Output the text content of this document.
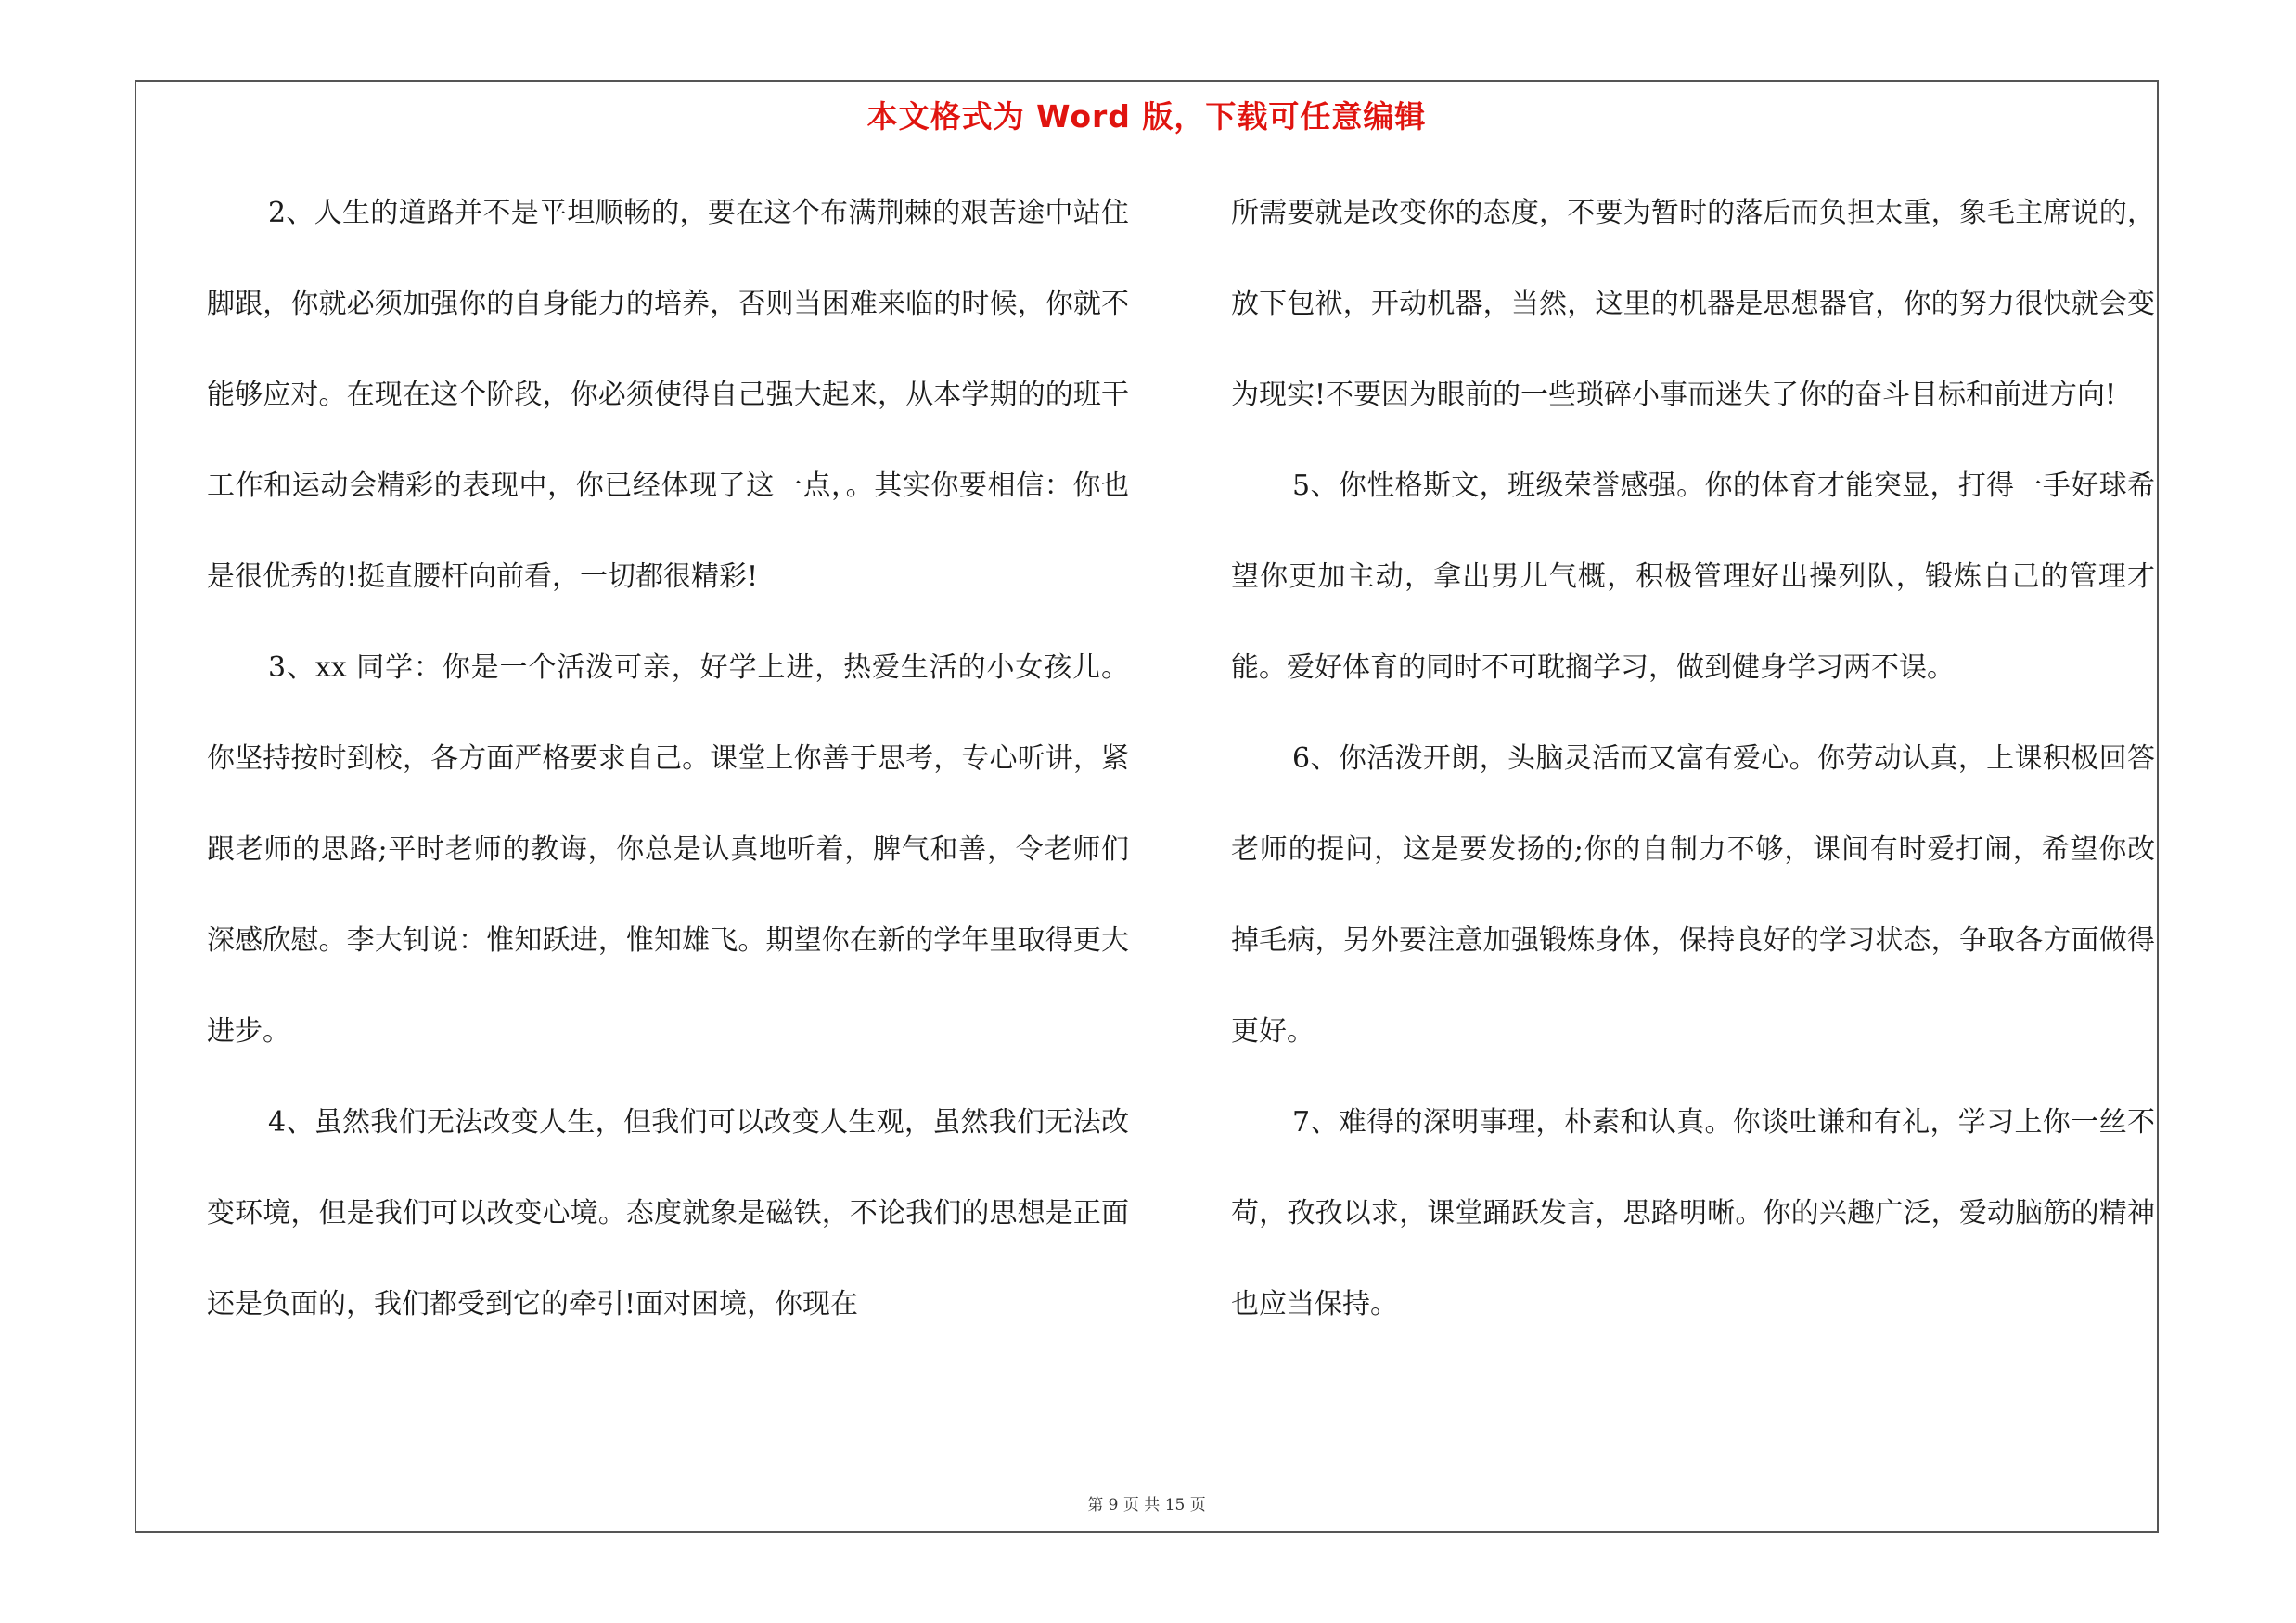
本文格式为 Word 版，下载可任意编辑

2、人生的道路并不是平坦顺畅的，要在这个布满荆棘的艰苦途中站住脚跟，你就必须加强你的自身能力的培养，否则当困难来临的时候，你就不能够应对。在现在这个阶段，你必须使得自己强大起来，从本学期的的班干工作和运动会精彩的表现中，你已经体现了这一点，。其实你要相信：你也是很优秀的!挺直腰杆向前看，一切都很精彩!

3、xx 同学：你是一个活泼可亲，好学上进，热爱生活的小女孩儿。你坚持按时到校，各方面严格要求自己。课堂上你善于思考，专心听讲，紧跟老师的思路;平时老师的教诲，你总是认真地听着，脾气和善，令老师们深感欣慰。李大钊说：惟知跃进，惟知雄飞。期望你在新的学年里取得更大进步。

4、虽然我们无法改变人生，但我们可以改变人生观，虽然我们无法改变环境，但是我们可以改变心境。态度就象是磁铁，不论我们的思想是正面还是负面的，我们都受到它的牵引!面对困境，你现在

所需要就是改变你的态度，不要为暂时的落后而负担太重，象毛主席说的，放下包袱，开动机器，当然，这里的机器是思想器官，你的努力很快就会变为现实!不要因为眼前的一些琐碎小事而迷失了你的奋斗目标和前进方向!

5、你性格斯文，班级荣誉感强。你的体育才能突显，打得一手好球希望你更加主动，拿出男儿气概，积极管理好出操列队，锻炼自己的管理才能。爱好体育的同时不可耽搁学习，做到健身学习两不误。

6、你活泼开朗，头脑灵活而又富有爱心。你劳动认真，上课积极回答老师的提问，这是要发扬的;你的自制力不够，课间有时爱打闹，希望你改掉毛病，另外要注意加强锻炼身体，保持良好的学习状态，争取各方面做得更好。

7、难得的深明事理，朴素和认真。你谈吐谦和有礼，学习上你一丝不苟，孜孜以求，课堂踊跃发言，思路明晰。你的兴趣广泛，爱动脑筋的精神也应当保持。

第 9 页 共 15 页
